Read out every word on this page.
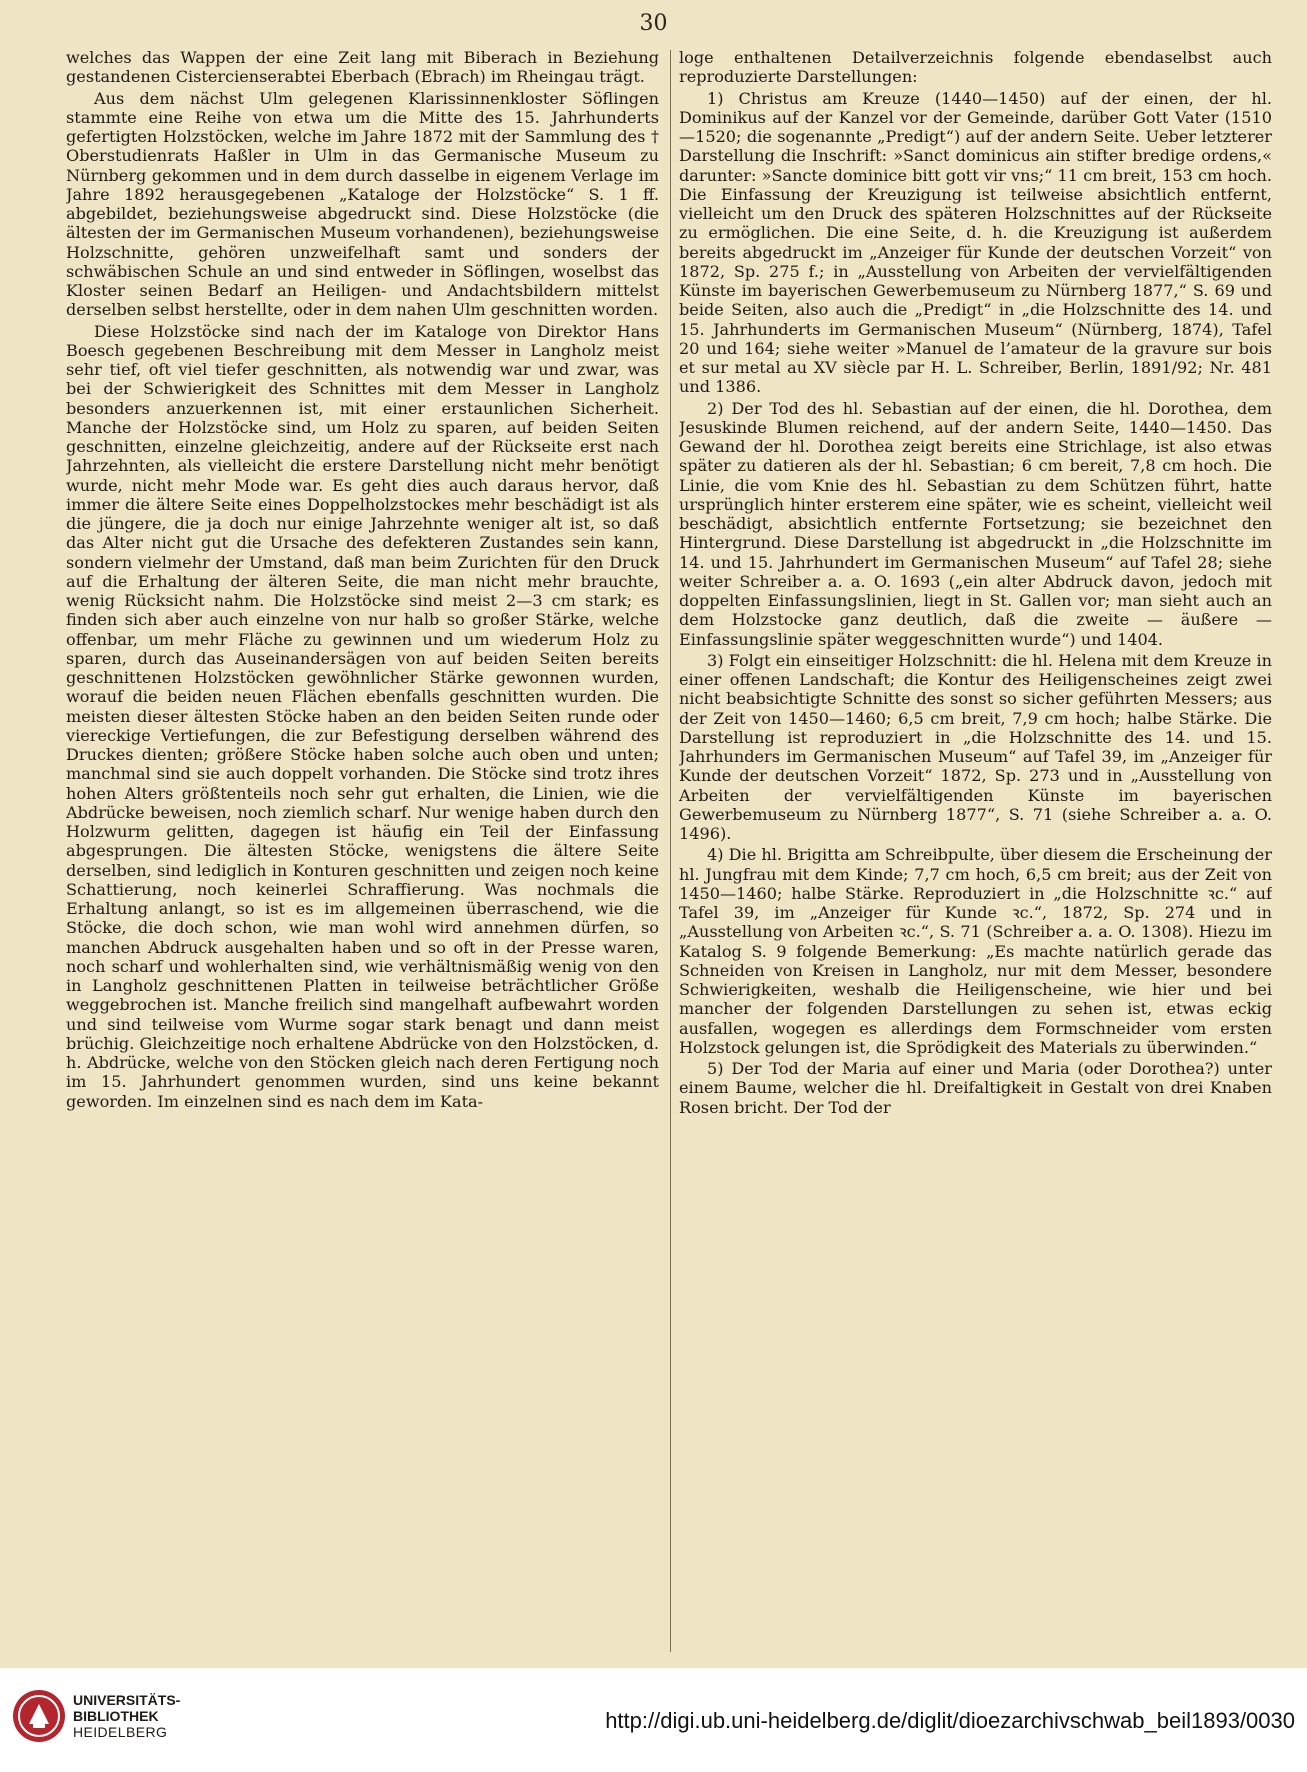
30

welches das Wappen der eine Zeit lang mit Biberach in Beziehung gestandenen Cistercienserabtei Eberbach (Ebrach) im Rheingau trägt.

Aus dem nächst Ulm gelegenen Klarissinnenkloster Söflingen stammte eine Reihe von etwa um die Mitte des 15. Jahrhunderts gefertigten Holzstöcken, welche im Jahre 1872 mit der Sammlung des † Oberstudienrats Haßler in Ulm in das Germanische Museum zu Nürnberg gekommen und in dem durch dasselbe in eigenem Verlage im Jahre 1892 herausgegebenen „Kataloge der Holzstöcke“ S. 1 ff. abgebildet, beziehungsweise abgedruckt sind. Diese Holzstöcke (die ältesten der im Germanischen Museum vorhandenen), beziehungsweise Holzschnitte, gehören unzweifelhaft samt und sonders der schwäbischen Schule an und sind entweder in Söflingen, woselbst das Kloster seinen Bedarf an Heiligen- und Andachtsbildern mittelst derselben selbst herstellte, oder in dem nahen Ulm geschnitten worden.

Diese Holzstöcke sind nach der im Kataloge von Direktor Hans Boesch gegebenen Beschreibung mit dem Messer in Langholz meist sehr tief, oft viel tiefer geschnitten, als notwendig war und zwar, was bei der Schwierigkeit des Schnittes mit dem Messer in Langholz besonders anzuerkennen ist, mit einer erstaunlichen Sicherheit. Manche der Holzstöcke sind, um Holz zu sparen, auf beiden Seiten geschnitten, einzelne gleichzeitig, andere auf der Rückseite erst nach Jahrzehnten, als vielleicht die erstere Darstellung nicht mehr benötigt wurde, nicht mehr Mode war. Es geht dies auch daraus hervor, daß immer die ältere Seite eines Doppelholzstockes mehr beschädigt ist als die jüngere, die ja doch nur einige Jahrzehnte weniger alt ist, so daß das Alter nicht gut die Ursache des defekteren Zustandes sein kann, sondern vielmehr der Umstand, daß man beim Zurichten für den Druck auf die Erhaltung der älteren Seite, die man nicht mehr brauchte, wenig Rücksicht nahm. Die Holzstöcke sind meist 2—3 cm stark; es finden sich aber auch einzelne von nur halb so großer Stärke, welche offenbar, um mehr Fläche zu gewinnen und um wiederum Holz zu sparen, durch das Auseinandersägen von auf beiden Seiten bereits geschnittenen Holzstöcken gewöhnlicher Stärke gewonnen wurden, worauf die beiden neuen Flächen ebenfalls geschnitten wurden. Die meisten dieser ältesten Stöcke haben an den beiden Seiten runde oder viereckige Vertiefungen, die zur Befestigung derselben während des Druckes dienten; größere Stöcke haben solche auch oben und unten; manchmal sind sie auch doppelt vorhanden. Die Stöcke sind trotz ihres hohen Alters größtenteils noch sehr gut erhalten, die Linien, wie die Abdrücke beweisen, noch ziemlich scharf. Nur wenige haben durch den Holzwurm gelitten, dagegen ist häufig ein Teil der Einfassung abgesprungen. Die ältesten Stöcke, wenigstens die ältere Seite derselben, sind lediglich in Konturen geschnitten und zeigen noch keine Schattierung, noch keinerlei Schraffierung. Was nochmals die Erhaltung anlangt, so ist es im allgemeinen überraschend, wie die Stöcke, die doch schon, wie man wohl wird annehmen dürfen, so manchen Abdruck ausgehalten haben und so oft in der Presse waren, noch scharf und wohlerhalten sind, wie verhältnismäßig wenig von den in Langholz geschnittenen Platten in teilweise beträchtlicher Größe weggebrochen ist. Manche freilich sind mangelhaft aufbewahrt worden und sind teilweise vom Wurme sogar stark benagt und dann meist brüchig. Gleichzeitige noch erhaltene Abdrücke von den Holzstöcken, d. h. Abdrücke, welche von den Stöcken gleich nach deren Fertigung noch im 15. Jahrhundert genommen wurden, sind uns keine bekannt geworden. Im einzelnen sind es nach dem im Kata-

loge enthaltenen Detailverzeichnis folgende ebendaselbst auch reproduzierte Darstellungen:

1) Christus am Kreuze (1440—1450) auf der einen, der hl. Dominikus auf der Kanzel vor der Gemeinde, darüber Gott Vater (1510—1520; die sogenannte „Predigt“) auf der andern Seite. Ueber letzterer Darstellung die Inschrift: »Sanct dominicus ain stifter bredige ordens,« darunter: »Sancte dominice bitt gott vir vns;“ 11 cm breit, 153 cm hoch. Die Einfassung der Kreuzigung ist teilweise absichtlich entfernt, vielleicht um den Druck des späteren Holzschnittes auf der Rückseite zu ermöglichen. Die eine Seite, d. h. die Kreuzigung ist außerdem bereits abgedruckt im „Anzeiger für Kunde der deutschen Vorzeit“ von 1872, Sp. 275 f.; in „Ausstellung von Arbeiten der vervielfältigenden Künste im bayerischen Gewerbemuseum zu Nürnberg 1877,“ S. 69 und beide Seiten, also auch die „Predigt“ in „die Holzschnitte des 14. und 15. Jahrhunderts im Germanischen Museum“ (Nürnberg, 1874), Tafel 20 und 164; siehe weiter »Manuel de l’amateur de la gravure sur bois et sur metal au XV siècle par H. L. Schreiber, Berlin, 1891/92; Nr. 481 und 1386.

2) Der Tod des hl. Sebastian auf der einen, die hl. Dorothea, dem Jesuskinde Blumen reichend, auf der andern Seite, 1440—1450. Das Gewand der hl. Dorothea zeigt bereits eine Strichlage, ist also etwas später zu datieren als der hl. Sebastian; 6 cm bereit, 7,8 cm hoch. Die Linie, die vom Knie des hl. Sebastian zu dem Schützen führt, hatte ursprünglich hinter ersterem eine später, wie es scheint, vielleicht weil beschädigt, absichtlich entfernte Fortsetzung; sie bezeichnet den Hintergrund. Diese Darstellung ist abgedruckt in „die Holzschnitte im 14. und 15. Jahrhundert im Germanischen Museum“ auf Tafel 28; siehe weiter Schreiber a. a. O. 1693 („ein alter Abdruck davon, jedoch mit doppelten Einfassungslinien, liegt in St. Gallen vor; man sieht auch an dem Holzstocke ganz deutlich, daß die zweite — äußere — Einfassungslinie später weggeschnitten wurde“) und 1404.

3) Folgt ein einseitiger Holzschnitt: die hl. Helena mit dem Kreuze in einer offenen Landschaft; die Kontur des Heiligenscheines zeigt zwei nicht beabsichtigte Schnitte des sonst so sicher geführten Messers; aus der Zeit von 1450—1460; 6,5 cm breit, 7,9 cm hoch; halbe Stärke. Die Darstellung ist reproduziert in „die Holzschnitte des 14. und 15. Jahrhunders im Germanischen Museum“ auf Tafel 39, im „Anzeiger für Kunde der deutschen Vorzeit“ 1872, Sp. 273 und in „Ausstellung von Arbeiten der vervielfältigenden Künste im bayerischen Gewerbemuseum zu Nürnberg 1877“, S. 71 (siehe Schreiber a. a. O. 1496).

4) Die hl. Brigitta am Schreibpulte, über diesem die Erscheinung der hl. Jungfrau mit dem Kinde; 7,7 cm hoch, 6,5 cm breit; aus der Zeit von 1450—1460; halbe Stärke. Reproduziert in „die Holzschnitte ꝛc.“ auf Tafel 39, im „Anzeiger für Kunde ꝛc.“, 1872, Sp. 274 und in „Ausstellung von Arbeiten ꝛc.“, S. 71 (Schreiber a. a. O. 1308). Hiezu im Katalog S. 9 folgende Bemerkung: „Es machte natürlich gerade das Schneiden von Kreisen in Langholz, nur mit dem Messer, besondere Schwierigkeiten, weshalb die Heiligenscheine, wie hier und bei mancher der folgenden Darstellungen zu sehen ist, etwas eckig ausfallen, wogegen es allerdings dem Formschneider vom ersten Holzstock gelungen ist, die Sprödigkeit des Materials zu überwinden.“

5) Der Tod der Maria auf einer und Maria (oder Dorothea?) unter einem Baume, welcher die hl. Dreifaltigkeit in Gestalt von drei Knaben Rosen bricht. Der Tod der

UNIVERSITÄTS-
BIBLIOTHEK
HEIDELBERG	http://digi.ub.uni-heidelberg.de/diglit/dioezarchivschwab_beil1893/0030
